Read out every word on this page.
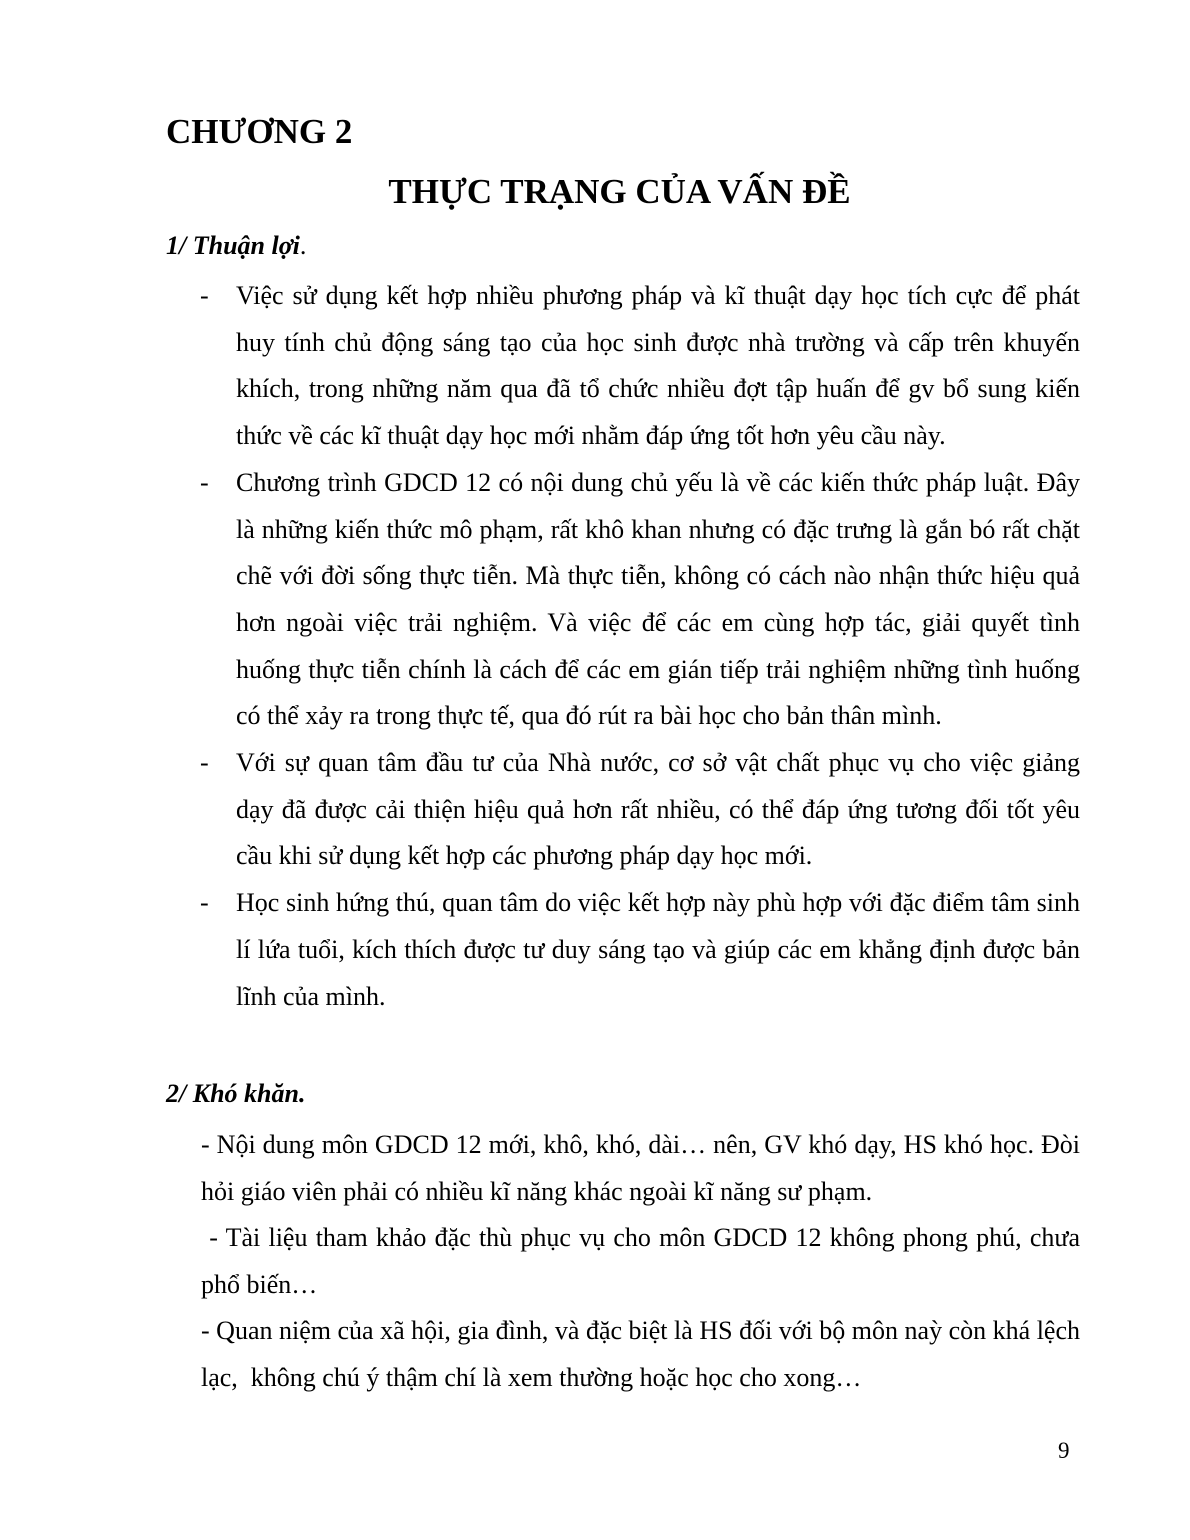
CHƯƠNG 2
THỰC TRẠNG CỦA VẤN ĐỀ
1/ Thuận lợi.
- Việc sử dụng kết hợp nhiều phương pháp và kĩ thuật dạy học tích cực để phát huy tính chủ động sáng tạo của học sinh được nhà trường và cấp trên khuyến khích, trong những năm qua đã tổ chức nhiều đợt tập huấn để gv bổ sung kiến thức về các kĩ thuật dạy học mới nhằm đáp ứng tốt hơn yêu cầu này.
- Chương trình GDCD 12 có nội dung chủ yếu là về các kiến thức pháp luật. Đây là những kiến thức mô phạm, rất khô khan nhưng có đặc trưng là gắn bó rất chặt chẽ với đời sống thực tiễn. Mà thực tiễn, không có cách nào nhận thức hiệu quả hơn ngoài việc trải nghiệm. Và việc để các em cùng hợp tác, giải quyết tình huống thực tiễn chính là cách để các em gián tiếp trải nghiệm những tình huống có thể xảy ra trong thực tế, qua đó rút ra bài học cho bản thân mình.
- Với sự quan tâm đầu tư của Nhà nước, cơ sở vật chất phục vụ cho việc giảng dạy đã được cải thiện hiệu quả hơn rất nhiều, có thể đáp ứng tương đối tốt yêu cầu khi sử dụng kết hợp các phương pháp dạy học mới.
- Học sinh hứng thú, quan tâm do việc kết hợp này phù hợp với đặc điểm tâm sinh lí lứa tuổi, kích thích được tư duy sáng tạo và giúp các em khẳng định được bản lĩnh của mình.
2/ Khó khăn.

- Nội dung môn GDCD 12 mới, khô, khó, dài… nên, GV khó dạy, HS khó học. Đòi hỏi giáo viên phải có nhiều kĩ năng khác ngoài kĩ năng sư phạm.

- Tài liệu tham khảo đặc thù phục vụ cho môn GDCD 12 không phong phú, chưa phổ biến…

- Quan niệm của xã hội, gia đình, và đặc biệt là HS đối với bộ môn naỳ còn khá lệch lạc,  không chú ý thậm chí là xem thường hoặc học cho xong…

9
